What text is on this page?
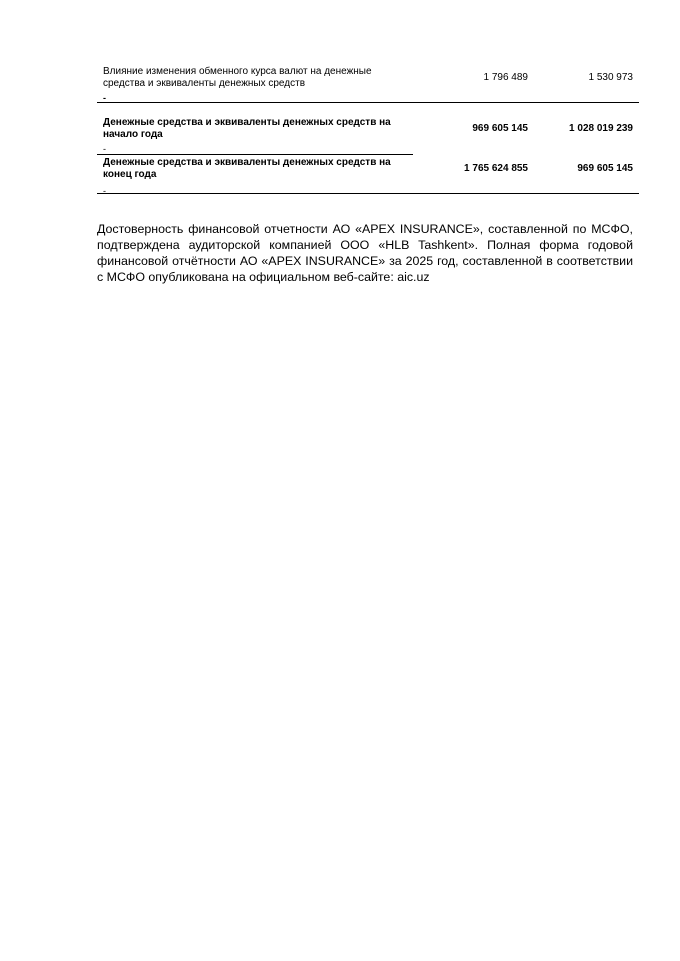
Влияние изменения обменного курса валют на денежные средства и эквиваленты денежных средств
1 796 489	1 530 973
-
Денежные средства и эквиваленты денежных средств на начало года
969 605 145	1 028 019 239
-
Денежные средства и эквиваленты денежных средств на конец года
1 765 624 855	969 605 145
-
Достоверность финансовой отчетности АО «APEX INSURANCE», составленной по МСФО, подтверждена аудиторской компанией ООО «HLB Tashkent». Полная форма годовой финансовой отчётности АО «APEX INSURANCE» за 2025 год, составленной в соответствии с МСФО опубликована на официальном веб-сайте: aic.uz
